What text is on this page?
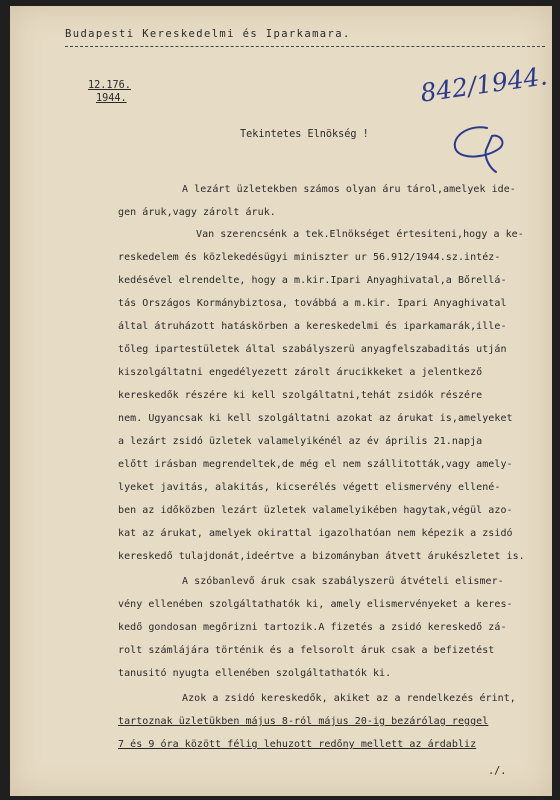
Budapesti Kereskedelmi és Iparkamara.
12.176.
1944.	842/1944.
Tekintetes Elnökség !
A lezárt üzletekben számos olyan áru tárol,amelyek ide-
gen áruk,vagy zárolt áruk.
Van szerencsénk a tek.Elnökséget értesiteni,hogy a ke-
reskedelem és közlekedésügyi miniszter ur 56.912/1944.sz.intéz-
kedésével elrendelte, hogy a m.kir.Ipari Anyaghivatal,a Bőrellá-
tás Országos Kormánybiztosa, továbbá a m.kir. Ipari Anyaghivatal
által átruházott hatáskörben a kereskedelmi és iparkamarák,ille-
tőleg ipartestületek által szabályszerü anyagfelszabaditás utján
kiszolgáltatni engedélyezett zárolt árucikkeket a jelentkező
kereskedők részére ki kell szolgáltatni,tehát zsidók részére
nem. Ugyancsak ki kell szolgáltatni azokat az árukat is,amelyeket
a lezárt zsidó üzletek valamelyikénél az év április 21.napja
előtt irásban megrendeltek,de még el nem szállitották,vagy amely-
lyeket javitás, alakitás, kicserélés végett elismervény ellené-
ben az időközben lezárt üzletek valamelyikében hagytak,végül azo-
kat az árukat, amelyek okirattal igazolhatóan nem képezik a zsidó
kereskedő tulajdonát,ideértve a bizományban átvett árukészletet is.
A szóbanlevő áruk csak szabályszerü átvételi elismer-
vény ellenében szolgáltathatók ki, amely elismervényeket a keres-
kedő gondosan megőrizni tartozik.A fizetés a zsidó kereskedő zá-
rolt számlájára történik és a felsorolt áruk csak a befizetést
tanusitó nyugta ellenében szolgáltathatók ki.
Azok a zsidó kereskedők, akiket az a rendelkezés érint,
tartoznak üzletükben május 8-ról május 20-ig bezárólag reggel
7 és 9 óra között félig lehuzott redőny mellett az árdabliz
./.
